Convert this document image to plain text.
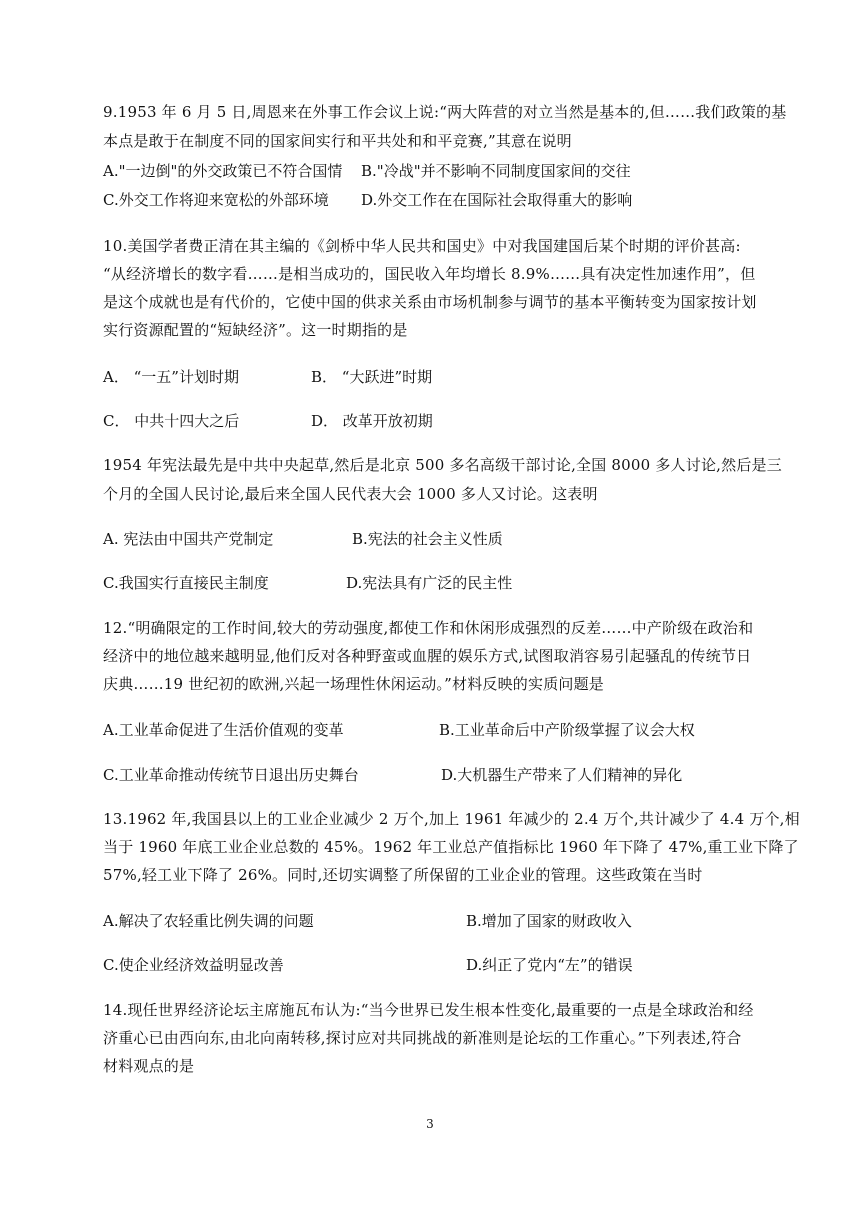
9.1953 年 6 月 5 日,周恩来在外事工作会议上说:“两大阵营的对立当然是基本的,但……我们政策的基
本点是敢于在制度不同的国家间实行和平共处和和平竞赛,”其意在说明
A."一边倒"的外交政策已不符合国情 B."冷战"并不影响不同制度国家间的交往
C.外交工作将迎来宽松的外部环境 D.外交工作在在国际社会取得重大的影响
10.美国学者费正清在其主编的《剑桥中华人民共和国史》中对我国建国后某个时期的评价甚高:
“从经济增长的数字看……是相当成功的，国民收入年均增长 8.9%……具有决定性加速作用”，但
是这个成就也是有代价的，它使中国的供求关系由市场机制参与调节的基本平衡转变为国家按计划
实行资源配置的“短缺经济”。这一时期指的是
A． “一五”计划时期	B． “大跃进”时期
C． 中共十四大之后	D． 改革开放初期
1954 年宪法最先是中共中央起草,然后是北京 500 多名高级干部讨论,全国 8000 多人讨论,然后是三
个月的全国人民讨论,最后来全国人民代表大会 1000 多人又讨论。这表明
A. 宪法由中国共产党制定	B.宪法的社会主义性质
C.我国实行直接民主制度	D.宪法具有广泛的民主性
12.“明确限定的工作时间,较大的劳动强度,都使工作和休闲形成强烈的反差……中产阶级在政治和
经济中的地位越来越明显,他们反对各种野蛮或血腥的娱乐方式,试图取消容易引起骚乱的传统节日
庆典……19 世纪初的欧洲,兴起一场理性休闲运动。”材料反映的实质问题是
A.工业革命促进了生活价值观的变革	B.工业革命后中产阶级掌握了议会大权
C.工业革命推动传统节日退出历史舞台	D.大机器生产带来了人们精神的异化
13.1962 年,我国县以上的工业企业减少 2 万个,加上 1961 年减少的 2.4 万个,共计减少了 4.4 万个,相
当于 1960 年底工业企业总数的 45%。1962 年工业总产值指标比 1960 年下降了 47%,重工业下降了
57%,轻工业下降了 26%。同时,还切实调整了所保留的工业企业的管理。这些政策在当时
A.解决了农轻重比例失调的问题	B.增加了国家的财政收入
C.使企业经济效益明显改善	D.纠正了党内“左”的错误
14.现任世界经济论坛主席施瓦布认为:“当今世界已发生根本性变化,最重要的一点是全球政治和经
济重心已由西向东,由北向南转移,探讨应对共同挑战的新准则是论坛的工作重心。”下列表述,符合
材料观点的是
3
